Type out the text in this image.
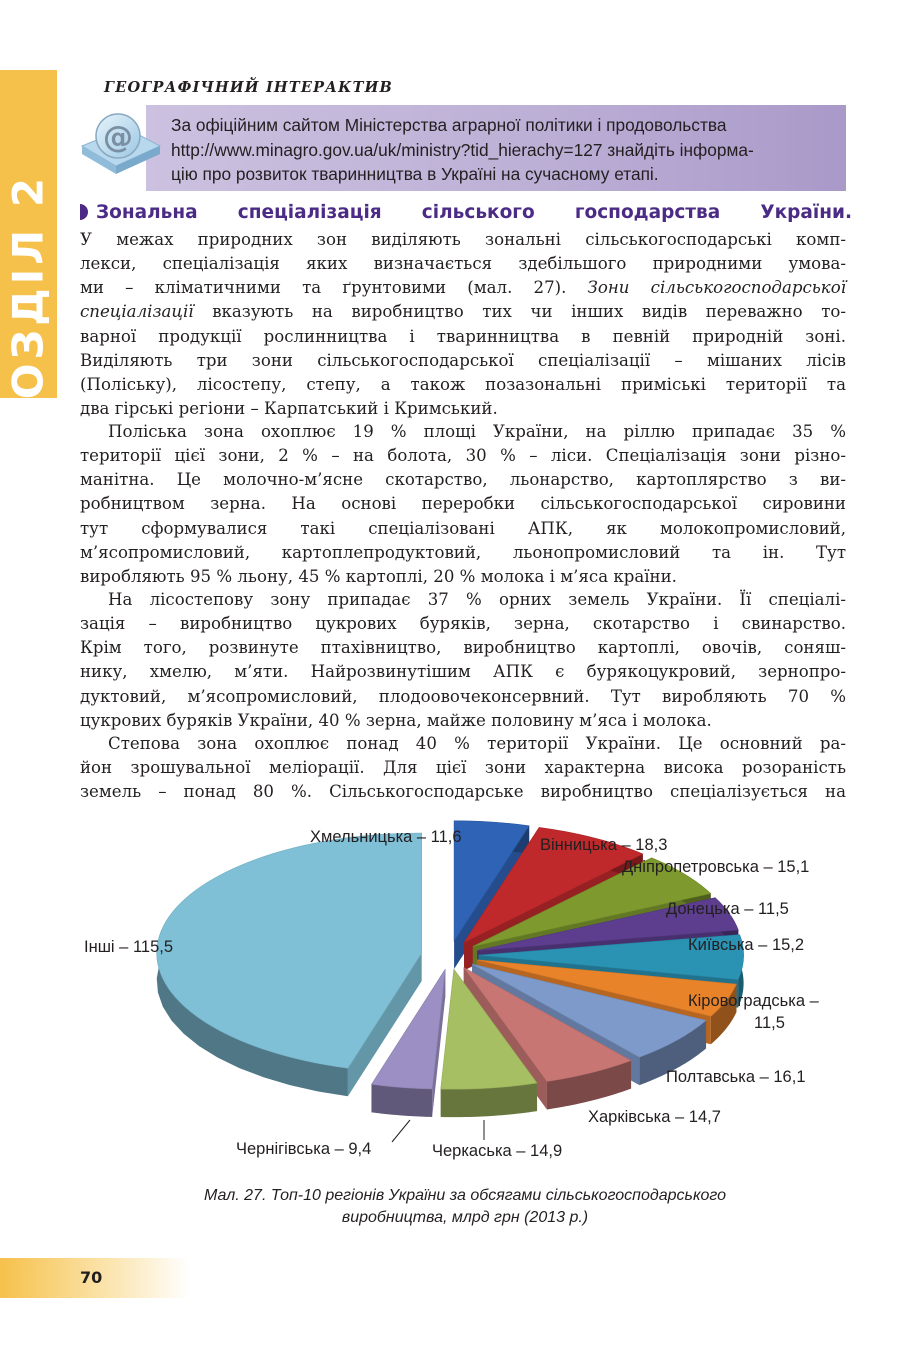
РОЗДІЛ 2
ГЕОГРАФІЧНИЙ ІНТЕРАКТИВ
@ За офіційним сайтом Міністерства аграрної політики і продовольства
http://www.minagro.gov.ua/uk/ministry?tid_hierachy=127 знайдіть інформа-
цію про розвиток тваринництва в Україні на сучасному етапі.
Зональна спеціалізація сільського господарства України.
У межах природних зон виділяють зональні сільськогосподарські комп-
лекси, спеціалізація яких визначається здебільшого природними умова-
ми – кліматичними та ґрунтовими (мал. 27). Зони сільськогосподарської
спеціалізації вказують на виробництво тих чи інших видів переважно то-
варної продукції рослинництва і тваринництва в певній природній зоні.
Виділяють три зони сільськогосподарської спеціалізації – мішаних лісів
(Поліську), лісостепу, степу, а також позазональні приміські території та
два гірські регіони – Карпатський і Кримський.
Поліська зона охоплює 19 % площі України, на ріллю припадає 35 %
території цієї зони, 2 % – на болота, 30 % – ліси. Спеціалізація зони різно-
манітна. Це молочно-м’ясне скотарство, льонарство, картоплярство з ви-
робництвом зерна. На основі переробки сільськогосподарської сировини
тут сформувалися такі спеціалізовані АПК, як молокопромисловий,
м’ясопромисловий, картоплепродуктовий, льонопромисловий та ін. Тут
виробляють 95 % льону, 45 % картоплі, 20 % молока і м’яса країни.
На лісостепову зону припадає 37 % орних земель України. Її спеціалі-
зація – виробництво цукрових буряків, зерна, скотарство і свинарство.
Крім того, розвинуте птахівництво, виробництво картоплі, овочів, соняш-
нику, хмелю, м’яти. Найрозвинутішим АПК є бурякоцукровий, зернопро-
дуктовий, м’ясопромисловий, плодоовочеконсервний. Тут виробляють 70 %
цукрових буряків України, 40 % зерна, майже половину м’яса і молока.
Степова зона охоплює понад 40 % території України. Це основний ра-
йон зрошувальної меліорації. Для цієї зони характерна висока розораність
земель – понад 80 %. Сільськогосподарське виробництво спеціалізується на
Хмельницька – 11,6	Вінницька – 18,3
Дніпропетровська – 15,1
Донецька – 11,5
Київська – 15,2
Кіровоградська – 11,5
Полтавська – 16,1
Харківська – 14,7
Черкаська – 14,9
Чернігівська – 9,4
Інші – 115,5
Мал. 27. Топ-10 регіонів України за обсягами сільськогосподарського
виробництва, млрд грн (2013 р.)
70
